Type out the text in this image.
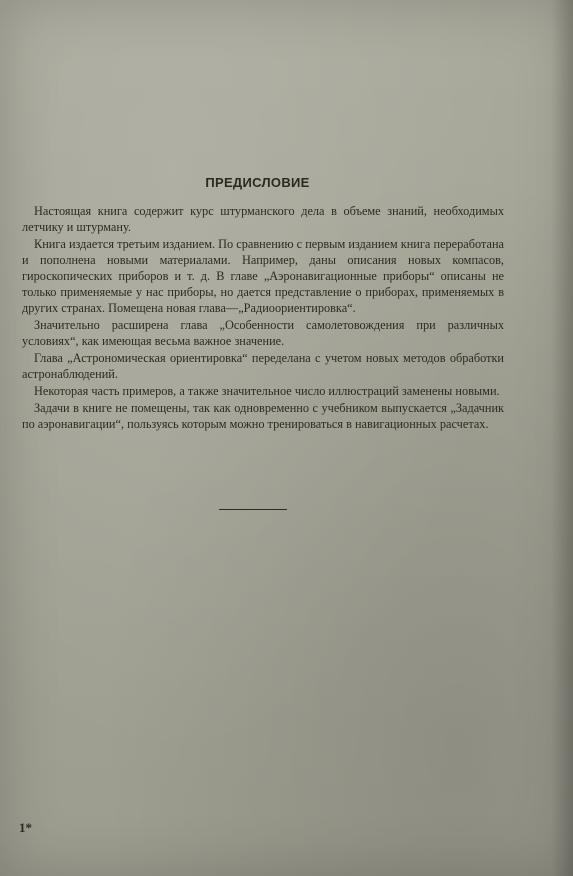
ПРЕДИСЛОВИЕ

Настоящая книга содержит курс штурманского дела в объеме знаний, необходимых летчику и штурману.

Книга издается третьим изданием. По сравнению с первым изданием книга переработана и пополнена новыми материалами. Например, даны описания новых компасов, гироскопических приборов и т. д. В главе „Аэронавигационные приборы“ описаны не только применяемые у нас приборы, но дается представление о приборах, применяемых в других странах. Помещена новая глава—„Радиоориентировка“.

Значительно расширена глава „Особенности самолетовождения при различных условиях“, как имеющая весьма важное значение.

Глава „Астрономическая ориентировка“ переделана с учетом новых методов обработки астронаблюдений.

Некоторая часть примеров, а также значительное число иллюстраций заменены новыми.

Задачи в книге не помещены, так как одновременно с учебником выпускается „Задачник по аэронавигации“, пользуясь которым можно тренироваться в навигационных расчетах.

1*
